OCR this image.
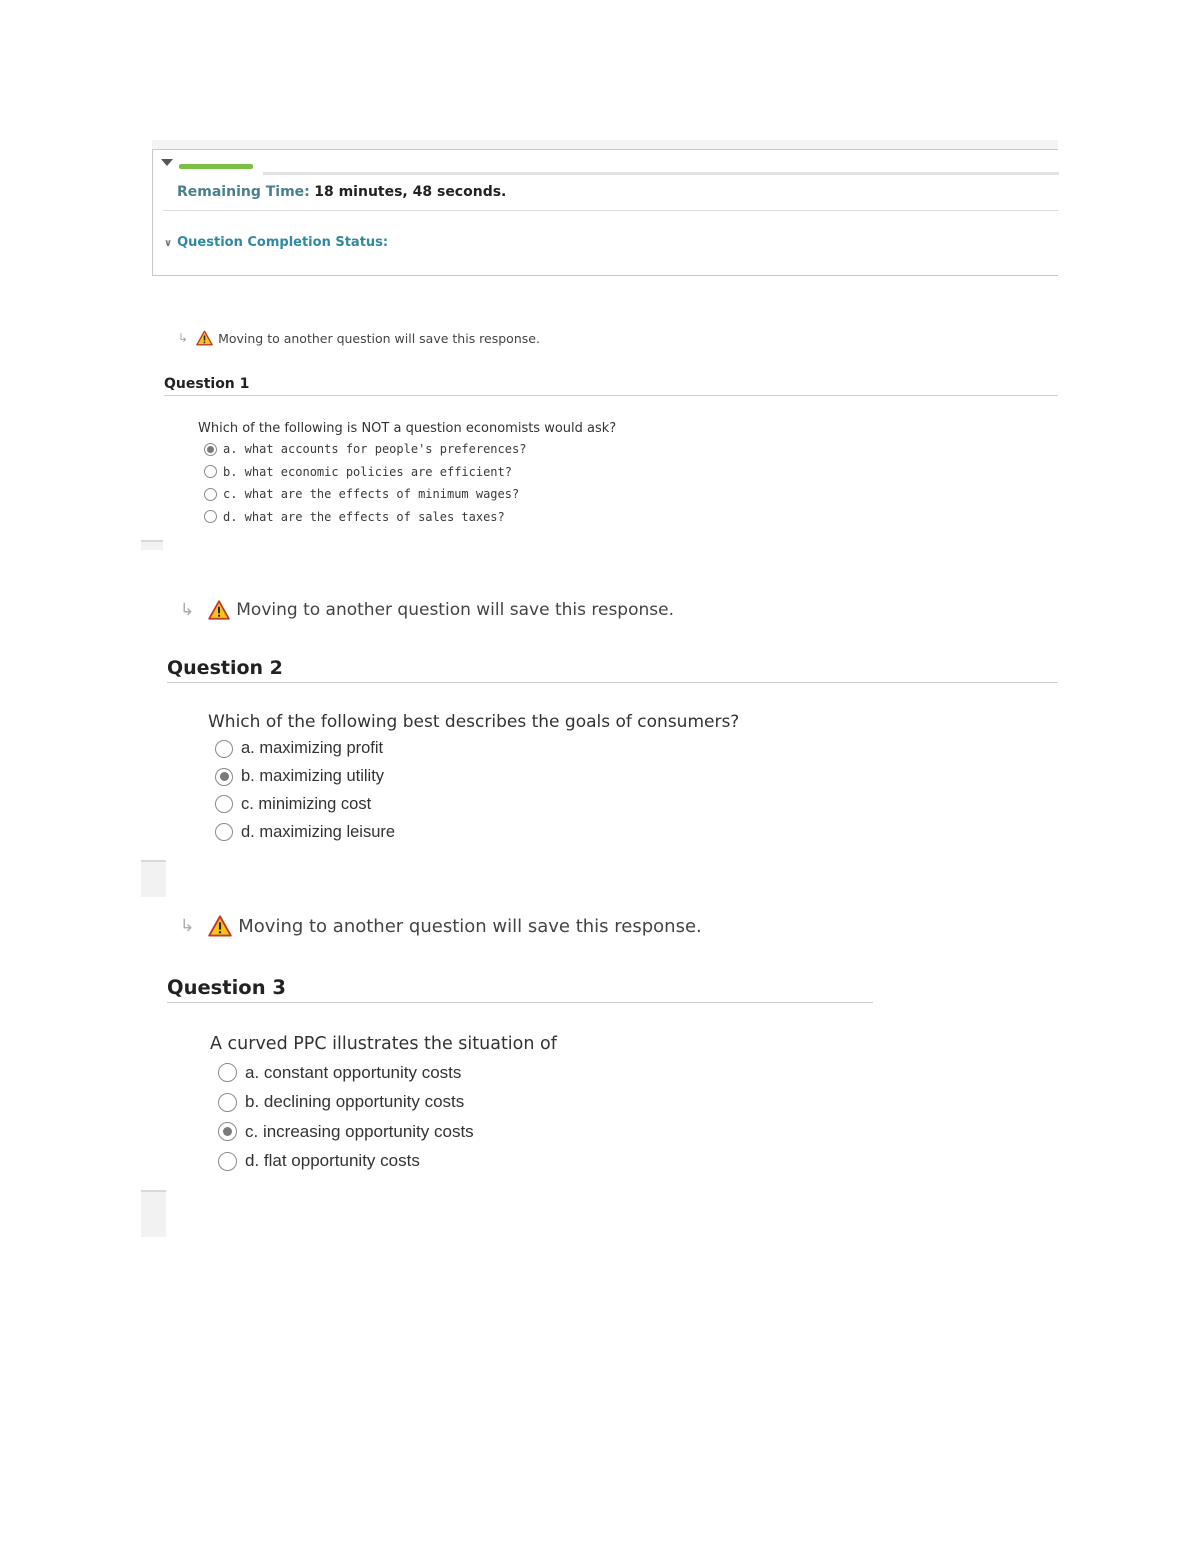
Remaining Time: 18 minutes, 48 seconds.
∨ Question Completion Status:
↳ Moving to another question will save this response.
Question 1
Which of the following is NOT a question economists would ask?
a. what accounts for people's preferences?
b. what economic policies are efficient?
c. what are the effects of minimum wages?
d. what are the effects of sales taxes?
↳ Moving to another question will save this response.
Question 2
Which of the following best describes the goals of consumers?
a. maximizing profit
b. maximizing utility
c. minimizing cost
d. maximizing leisure
↳ Moving to another question will save this response.
Question 3
A curved PPC illustrates the situation of
a. constant opportunity costs
b. declining opportunity costs
c. increasing opportunity costs
d. flat opportunity costs
